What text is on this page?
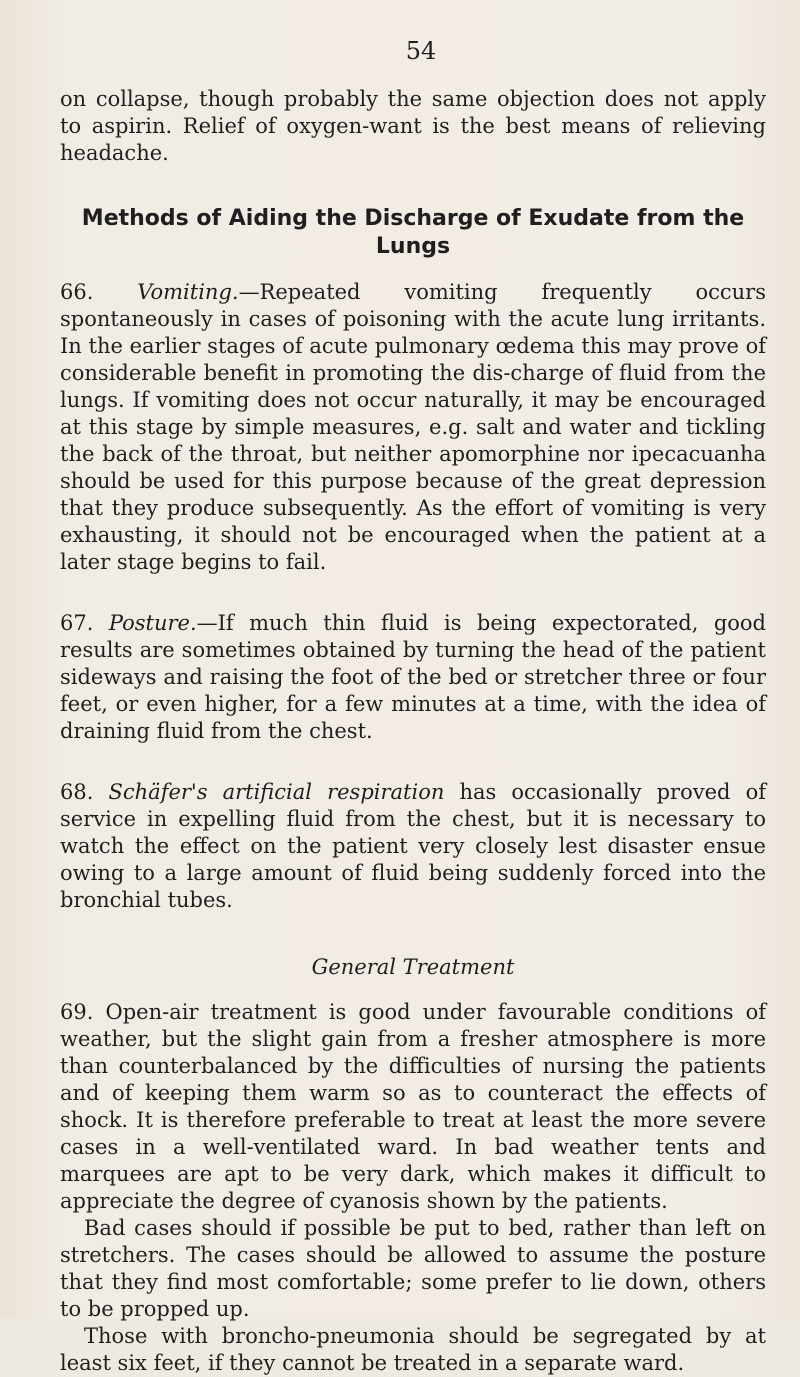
54

on collapse, though probably the same objection does not apply to aspirin. Relief of oxygen-want is the best means of relieving headache.

Methods of Aiding the Discharge of Exudate from the Lungs

66. Vomiting.—Repeated vomiting frequently occurs spontaneously in cases of poisoning with the acute lung irritants. In the earlier stages of acute pulmonary œdema this may prove of considerable benefit in promoting the dis-charge of fluid from the lungs. If vomiting does not occur naturally, it may be encouraged at this stage by simple measures, e.g. salt and water and tickling the back of the throat, but neither apomorphine nor ipecacuanha should be used for this purpose because of the great depression that they produce subsequently. As the effort of vomiting is very exhausting, it should not be encouraged when the patient at a later stage begins to fail.

67. Posture.—If much thin fluid is being expectorated, good results are sometimes obtained by turning the head of the patient sideways and raising the foot of the bed or stretcher three or four feet, or even higher, for a few minutes at a time, with the idea of draining fluid from the chest.

68. Schäfer's artificial respiration has occasionally proved of service in expelling fluid from the chest, but it is necessary to watch the effect on the patient very closely lest disaster ensue owing to a large amount of fluid being suddenly forced into the bronchial tubes.

General Treatment

69. Open-air treatment is good under favourable conditions of weather, but the slight gain from a fresher atmosphere is more than counterbalanced by the difficulties of nursing the patients and of keeping them warm so as to counteract the effects of shock. It is therefore preferable to treat at least the more severe cases in a well-ventilated ward. In bad weather tents and marquees are apt to be very dark, which makes it difficult to appreciate the degree of cyanosis shown by the patients.

Bad cases should if possible be put to bed, rather than left on stretchers. The cases should be allowed to assume the posture that they find most comfortable; some prefer to lie down, others to be propped up.

Those with broncho-pneumonia should be segregated by at least six feet, if they cannot be treated in a separate ward.
